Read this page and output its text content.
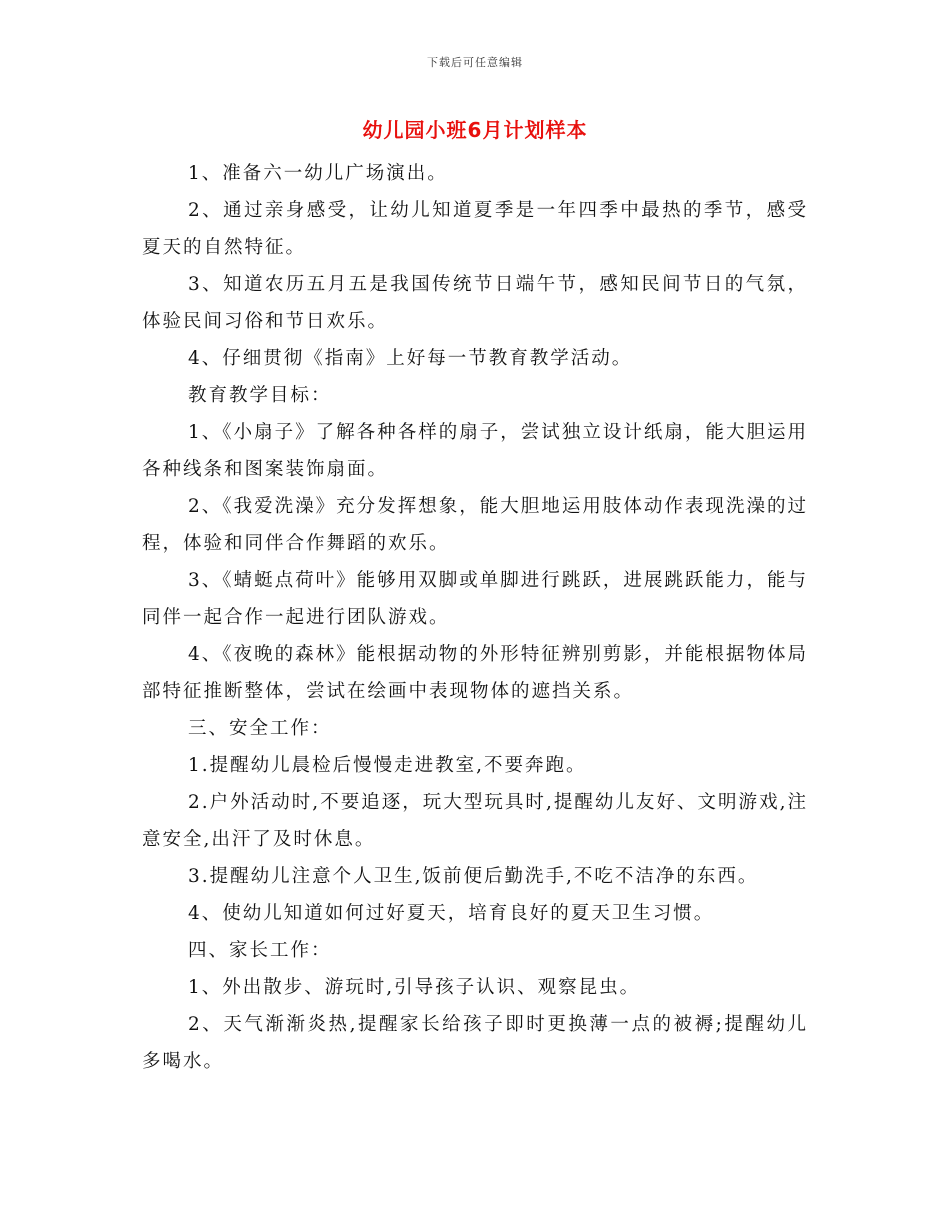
下载后可任意编辑
幼儿园小班6月计划样本

1、准备六一幼儿广场演出。

2、通过亲身感受，让幼儿知道夏季是一年四季中最热的季节，感受夏天的自然特征。

3、知道农历五月五是我国传统节日端午节，感知民间节日的气氛，体验民间习俗和节日欢乐。

4、仔细贯彻《指南》上好每一节教育教学活动。

教育教学目标：

1、《小扇子》了解各种各样的扇子，尝试独立设计纸扇，能大胆运用各种线条和图案装饰扇面。

2、《我爱洗澡》充分发挥想象，能大胆地运用肢体动作表现洗澡的过程，体验和同伴合作舞蹈的欢乐。

3、《蜻蜓点荷叶》能够用双脚或单脚进行跳跃，进展跳跃能力，能与同伴一起合作一起进行团队游戏。

4、《夜晚的森林》能根据动物的外形特征辨别剪影，并能根据物体局部特征推断整体，尝试在绘画中表现物体的遮挡关系。

三、安全工作：

1.提醒幼儿晨检后慢慢走进教室,不要奔跑。

2.户外活动时,不要追逐，玩大型玩具时,提醒幼儿友好、文明游戏,注意安全,出汗了及时休息。

3.提醒幼儿注意个人卫生,饭前便后勤洗手,不吃不洁净的东西。

4、使幼儿知道如何过好夏天，培育良好的夏天卫生习惯。

四、家长工作：

1、外出散步、游玩时,引导孩子认识、观察昆虫。

2、天气渐渐炎热,提醒家长给孩子即时更换薄一点的被褥;提醒幼儿多喝水。
